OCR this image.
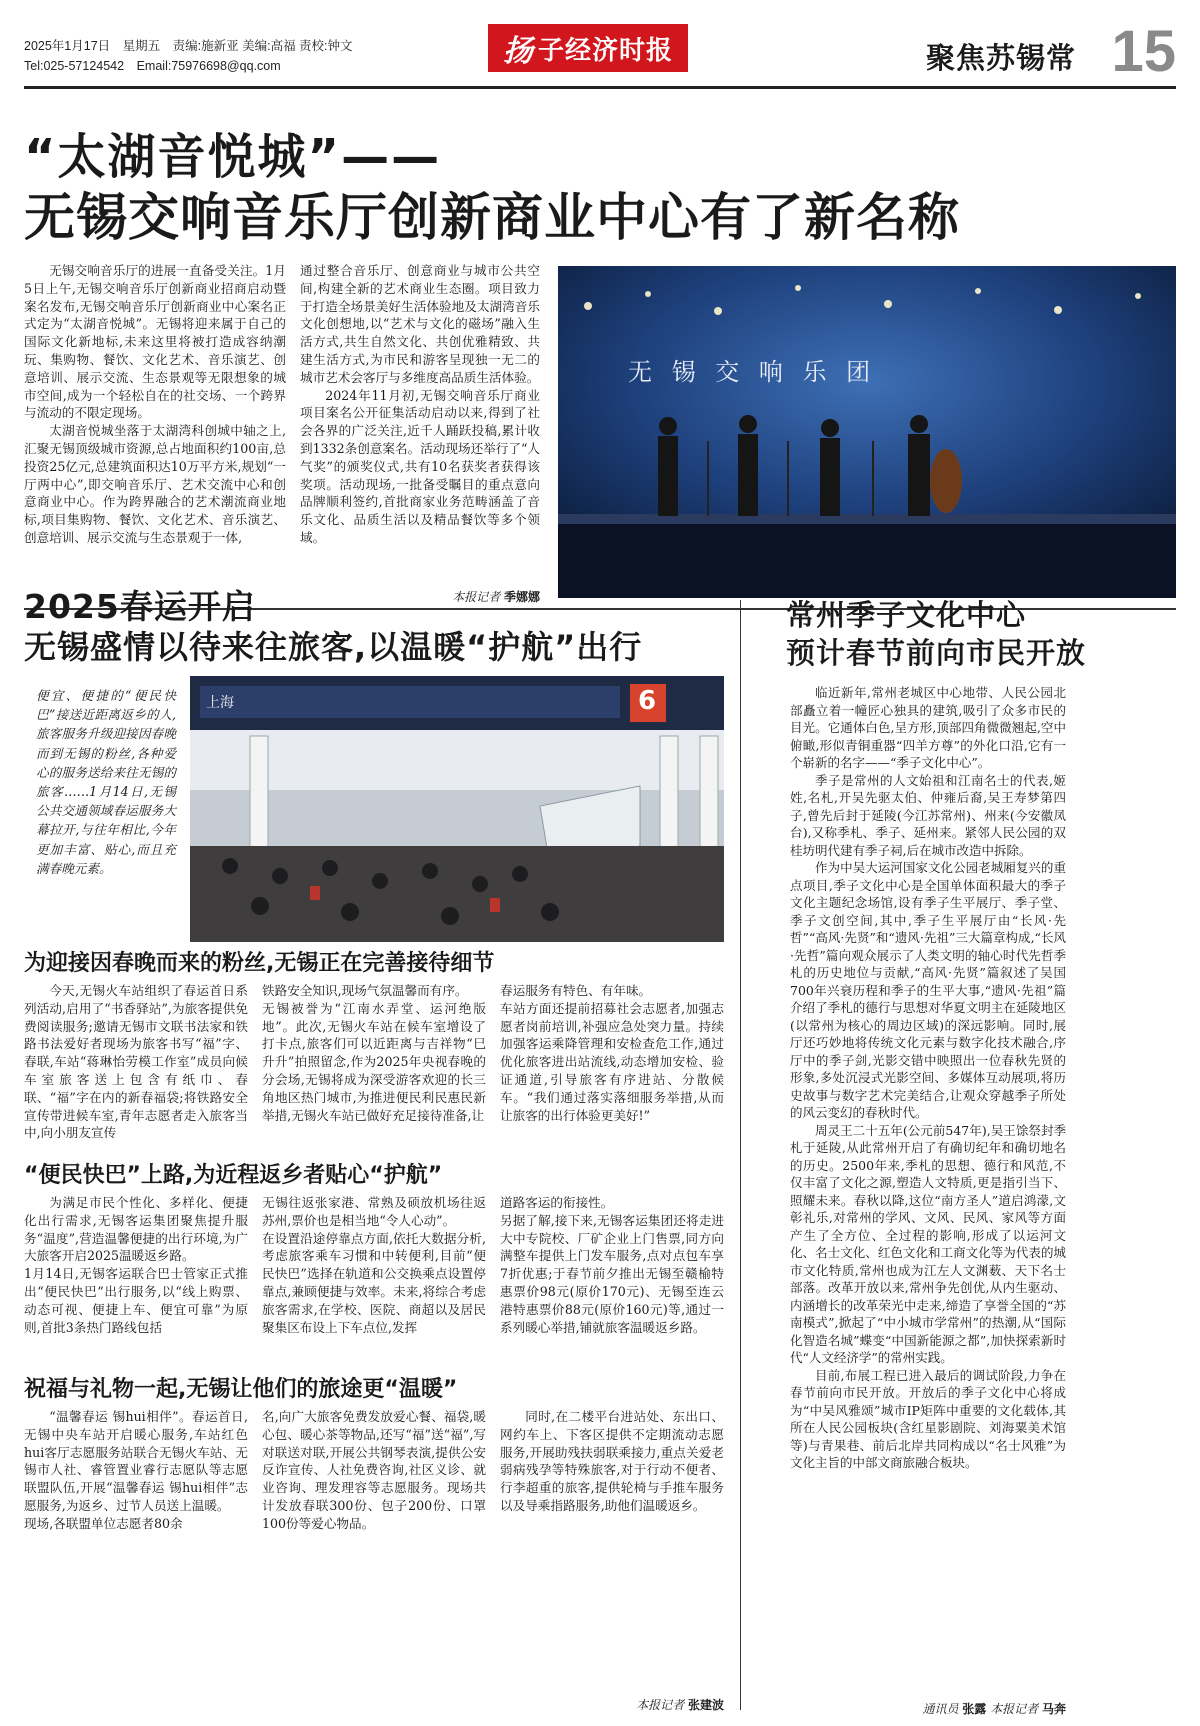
2025年1月17日　星期五　责编:施新亚 美编:高福 责校:钟文
Tel:025-57124542　Email:75976698@qq.com	扬 子经济时报	聚焦苏锡常 15
“太湖音悦城”——
无锡交响音乐厅创新商业中心有了新名称

无锡交响音乐厅的进展一直备受关注。1月5日上午,无锡交响音乐厅创新商业招商启动暨案名发布,无锡交响音乐厅创新商业中心案名正式定为“太湖音悦城”。无锡将迎来属于自己的国际文化新地标,未来这里将被打造成容纳潮玩、集购物、餐饮、文化艺术、音乐演艺、创意培训、展示交流、生态景观等无限想象的城市空间,成为一个轻松自在的社交场、一个跨界与流动的不限定现场。

太湖音悦城坐落于太湖湾科创城中轴之上,汇聚无锡顶级城市资源,总占地面积约100亩,总投资25亿元,总建筑面积达10万平方米,规划“一厅两中心”,即交响音乐厅、艺术交流中心和创意商业中心。作为跨界融合的艺术潮流商业地标,项目集购物、餐饮、文化艺术、音乐演艺、创意培训、展示交流与生态景观于一体,

通过整合音乐厅、创意商业与城市公共空间,构建全新的艺术商业生态圈。项目致力于打造全场景美好生活体验地及太湖湾音乐文化创想地,以“艺术与文化的磁场”融入生活方式,共生自然文化、共创优雅精致、共建生活方式,为市民和游客呈现独一无二的城市艺术会客厅与多维度高品质生活体验。

2024年11月初,无锡交响音乐厅商业项目案名公开征集活动启动以来,得到了社会各界的广泛关注,近千人踊跃投稿,累计收到1332条创意案名。活动现场还举行了“人气奖”的颁奖仪式,共有10名获奖者获得该奖项。活动现场,一批备受瞩目的重点意向品牌顺利签约,首批商家业务范畴涵盖了音乐文化、品质生活以及精品餐饮等多个领域。

本报记者 季娜娜
无 锡 交 响 乐 团
2025春运开启
无锡盛情以待来往旅客,以温暖“护航”出行
便宜、便捷的“便民快巴”接送近距离返乡的人,旅客服务升级迎接因春晚而到无锡的粉丝,各种爱心的服务送给来往无锡的旅客……1月14日,无锡公共交通领域春运服务大幕拉开,与往年相比,今年更加丰富、贴心,而且充满春晚元素。
上海	6
为迎接因春晚而来的粉丝,无锡正在完善接待细节

今天,无锡火车站组织了春运首日系列活动,启用了“书香驿站”,为旅客提供免费阅读服务;邀请无锡市文联书法家和铁路书法爱好者现场为旅客书写“福”字、春联,车站“蒋琳怡劳模工作室”成员向候车室旅客送上包含有纸巾、春联、“福”字在内的新春福袋;将铁路安全宣传带进候车室,青年志愿者走入旅客当中,向小朋友宣传

铁路安全知识,现场气氛温馨而有序。
无锡被誉为“江南水弄堂、运河绝版地”。此次,无锡火车站在候车室增设了打卡点,旅客们可以近距离与吉祥物“巳升升”拍照留念,作为2025年央视春晚的分会场,无锡将成为深受游客欢迎的长三角地区热门城市,为推进便民利民惠民新举措,无锡火车站已做好充足接待准备,让

春运服务有特色、有年味。
车站方面还提前招募社会志愿者,加强志愿者岗前培训,补强应急处突力量。持续加强客运乘降管理和安检查危工作,通过优化旅客进出站流线,动态增加安检、验证通道,引导旅客有序进站、分散候车。“我们通过落实落细服务举措,从而让旅客的出行体验更美好!”

“便民快巴”上路,为近程返乡者贴心“护航”

为满足市民个性化、多样化、便捷化出行需求,无锡客运集团聚焦提升服务“温度”,营造温馨便捷的出行环境,为广大旅客开启2025温暖返乡路。
1月14日,无锡客运联合巴士管家正式推出“便民快巴”出行服务,以“线上购票、动态可视、便捷上车、便宜可靠”为原则,首批3条热门路线包括

无锡往返张家港、常熟及硕放机场往返苏州,票价也是相当地“令人心动”。
在设置沿途停靠点方面,依托大数据分析,考虑旅客乘车习惯和中转便利,目前“便民快巴”选择在轨道和公交换乘点设置停靠点,兼顾便捷与效率。未来,将综合考虑旅客需求,在学校、医院、商超以及居民聚集区布设上下车点位,发挥

道路客运的衔接性。
另据了解,接下来,无锡客运集团还将走进大中专院校、厂矿企业上门售票,同方向满整车提供上门发车服务,点对点包车享7折优惠;于春节前夕推出无锡至赣榆特惠票价98元(原价170元)、无锡至连云港特惠票价88元(原价160元)等,通过一系列暖心举措,铺就旅客温暖返乡路。

祝福与礼物一起,无锡让他们的旅途更“温暖”

“温馨春运 锡hui相伴”。春运首日,无锡中央车站开启暖心服务,车站红色hui客厅志愿服务站联合无锡火车站、无锡市人社、睿管置业睿行志愿队等志愿联盟队伍,开展“温馨春运 锡hui相伴”志愿服务,为返乡、过节人员送上温暖。
现场,各联盟单位志愿者80余

名,向广大旅客免费发放爱心餐、福袋,暖心包、暖心茶等物品,还写“福”送“福”,写对联送对联,开展公共钢琴表演,提供公安反诈宣传、人社免费咨询,社区义诊、就业咨询、理发理容等志愿服务。现场共计发放春联300份、包子200份、口罩100份等爱心物品。

同时,在二楼平台进站处、东出口、网约车上、下客区提供不定期流动志愿服务,开展助残扶弱联乘接力,重点关爱老弱病残孕等特殊旅客,对于行动不便者、行李超重的旅客,提供轮椅与手推车服务以及导乘指路服务,助他们温暖返乡。

本报记者 张建波
常州季子文化中心
预计春节前向市民开放

临近新年,常州老城区中心地带、人民公园北部矗立着一幢匠心独具的建筑,吸引了众多市民的目光。它通体白色,呈方形,顶部四角微微翘起,空中俯瞰,形似青铜重器“四羊方尊”的外化口沿,它有一个崭新的名字——“季子文化中心”。

季子是常州的人文始祖和江南名士的代表,姬姓,名札,开吴先驱太伯、仲雍后裔,吴王寿梦第四子,曾先后封于延陵(今江苏常州)、州来(今安徽凤台),又称季札、季子、延州来。紧邻人民公园的双桂坊明代建有季子祠,后在城市改造中拆除。

作为中吴大运河国家文化公园老城厢复兴的重点项目,季子文化中心是全国单体面积最大的季子文化主题纪念场馆,设有季子生平展厅、季子堂、季子文创空间,其中,季子生平展厅由“长风·先哲”“高风·先贤”和“遗风·先祖”三大篇章构成,“长风·先哲”篇向观众展示了人类文明的轴心时代先哲季札的历史地位与贡献,“高风·先贤”篇叙述了吴国700年兴衰历程和季子的生平大事,“遗风·先祖”篇介绍了季札的德行与思想对华夏文明主在延陵地区(以常州为核心的周边区域)的深远影响。同时,展厅还巧妙地将传统文化元素与数字化技术融合,序厅中的季子剑,光影交错中映照出一位春秋先贤的形象,多处沉浸式光影空间、多媒体互动展项,将历史故事与数字艺术完美结合,让观众穿越季子所处的风云变幻的春秋时代。

周灵王二十五年(公元前547年),吴王馀祭封季札于延陵,从此常州开启了有确切纪年和确切地名的历史。2500年来,季札的思想、德行和风范,不仅丰富了文化之源,塑造人文特质,更是指引当下、照耀未来。春秋以降,这位“南方圣人”道启鸿濛,文彰礼乐,对常州的学风、文风、民风、家风等方面产生了全方位、全过程的影响,形成了以运河文化、名士文化、红色文化和工商文化等为代表的城市文化特质,常州也成为江左人文渊薮、天下名士部落。改革开放以来,常州争先创优,从内生驱动、内涵增长的改革荣光中走来,缔造了享誉全国的“苏南模式”,掀起了“中小城市学常州”的热潮,从“国际化智造名城”蝶变“中国新能源之都”,加快探索新时代“人文经济学”的常州实践。

目前,布展工程已进入最后的调试阶段,力争在春节前向市民开放。开放后的季子文化中心将成为“中吴风雅颂”城市IP矩阵中重要的文化载体,其所在人民公园板块(含红星影剧院、刘海粟美术馆等)与青果巷、前后北岸共同构成以“名士风雅”为文化主旨的中部文商旅融合板块。

通讯员 张露 本报记者 马奔
